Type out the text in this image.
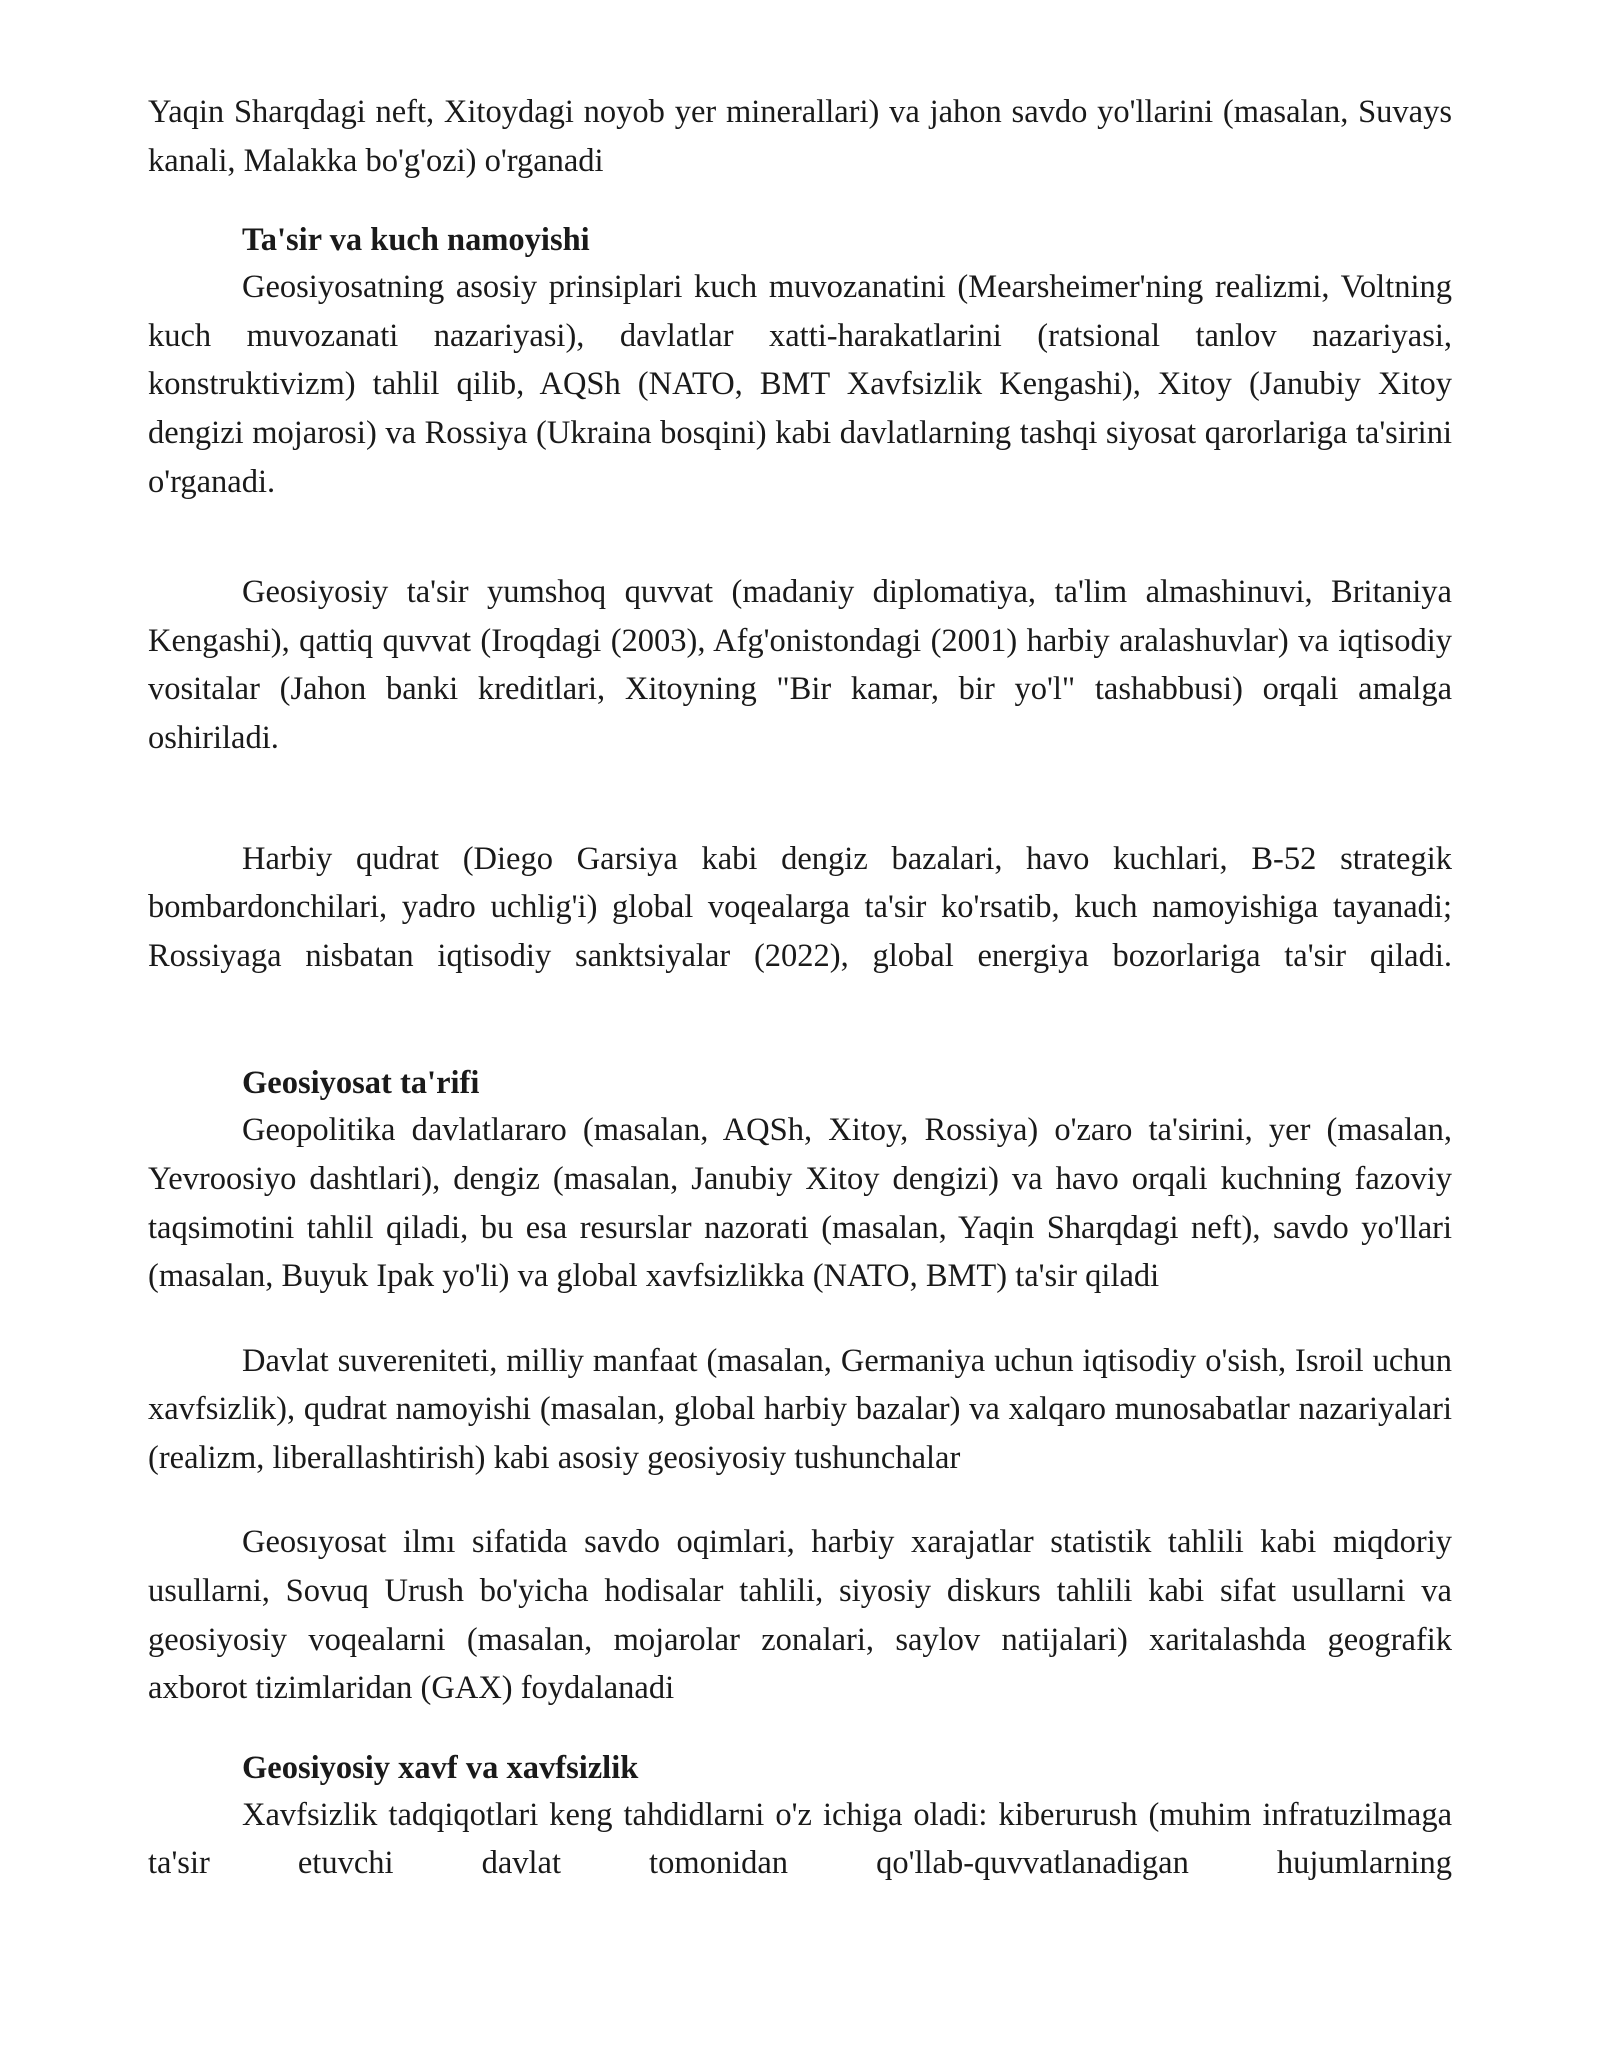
Yaqin Sharqdagi neft, Xitoydagi noyob yer minerallari) va jahon savdo yo'llarini (masalan, Suvays kanali, Malakka bo'g'ozi) o'rganadi

Ta'sir va kuch namoyishi

Geosiyosatning asosiy prinsiplari kuch muvozanatini (Mearsheimer'ning realizmi, Voltning kuch muvozanati nazariyasi), davlatlar xatti-harakatlarini (ratsional tanlov nazariyasi, konstruktivizm) tahlil qilib, AQSh (NATO, BMT Xavfsizlik Kengashi), Xitoy (Janubiy Xitoy dengizi mojarosi) va Rossiya (Ukraina bosqini) kabi davlatlarning tashqi siyosat qarorlariga ta'sirini o'rganadi.

Geosiyosiy ta'sir yumshoq quvvat (madaniy diplomatiya, ta'lim almashinuvi, Britaniya Kengashi), qattiq quvvat (Iroqdagi (2003), Afg'onistondagi (2001) harbiy aralashuvlar) va iqtisodiy vositalar (Jahon banki kreditlari, Xitoyning "Bir kamar, bir yo'l" tashabbusi) orqali amalga oshiriladi.

Harbiy qudrat (Diego Garsiya kabi dengiz bazalari, havo kuchlari, B-52 strategik bombardonchilari, yadro uchlig'i) global voqealarga ta'sir ko'rsatib, kuch namoyishiga tayanadi; Rossiyaga nisbatan iqtisodiy sanktsiyalar (2022), global energiya bozorlariga ta'sir qiladi.

Geosiyosat ta'rifi

Geopolitika davlatlararo (masalan, AQSh, Xitoy, Rossiya) o'zaro ta'sirini, yer (masalan, Yevroosiyo dashtlari), dengiz (masalan, Janubiy Xitoy dengizi) va havo orqali kuchning fazoviy taqsimotini tahlil qiladi, bu esa resurslar nazorati (masalan, Yaqin Sharqdagi neft), savdo yo'llari (masalan, Buyuk Ipak yo'li) va global xavfsizlikka (NATO, BMT) ta'sir qiladi

Davlat suvereniteti, milliy manfaat (masalan, Germaniya uchun iqtisodiy o'sish, Isroil uchun xavfsizlik), qudrat namoyishi (masalan, global harbiy bazalar) va xalqaro munosabatlar nazariyalari (realizm, liberallashtirish) kabi asosiy geosiyosiy tushunchalar

Geosıyosat ilmı sifatida savdo oqimlari, harbiy xarajatlar statistik tahlili kabi miqdoriy usullarni, Sovuq Urush bo'yicha hodisalar tahlili, siyosiy diskurs tahlili kabi sifat usullarni va geosiyosiy voqealarni (masalan, mojarolar zonalari, saylov natijalari) xaritalashda geografik axborot tizimlaridan (GAX) foydalanadi

Geosiyosiy xavf va xavfsizlik

Xavfsizlik tadqiqotlari keng tahdidlarni o'z ichiga oladi: kiberurush (muhim infratuzilmaga ta'sir etuvchi davlat tomonidan qo'llab-quvvatlanadigan hujumlarning
